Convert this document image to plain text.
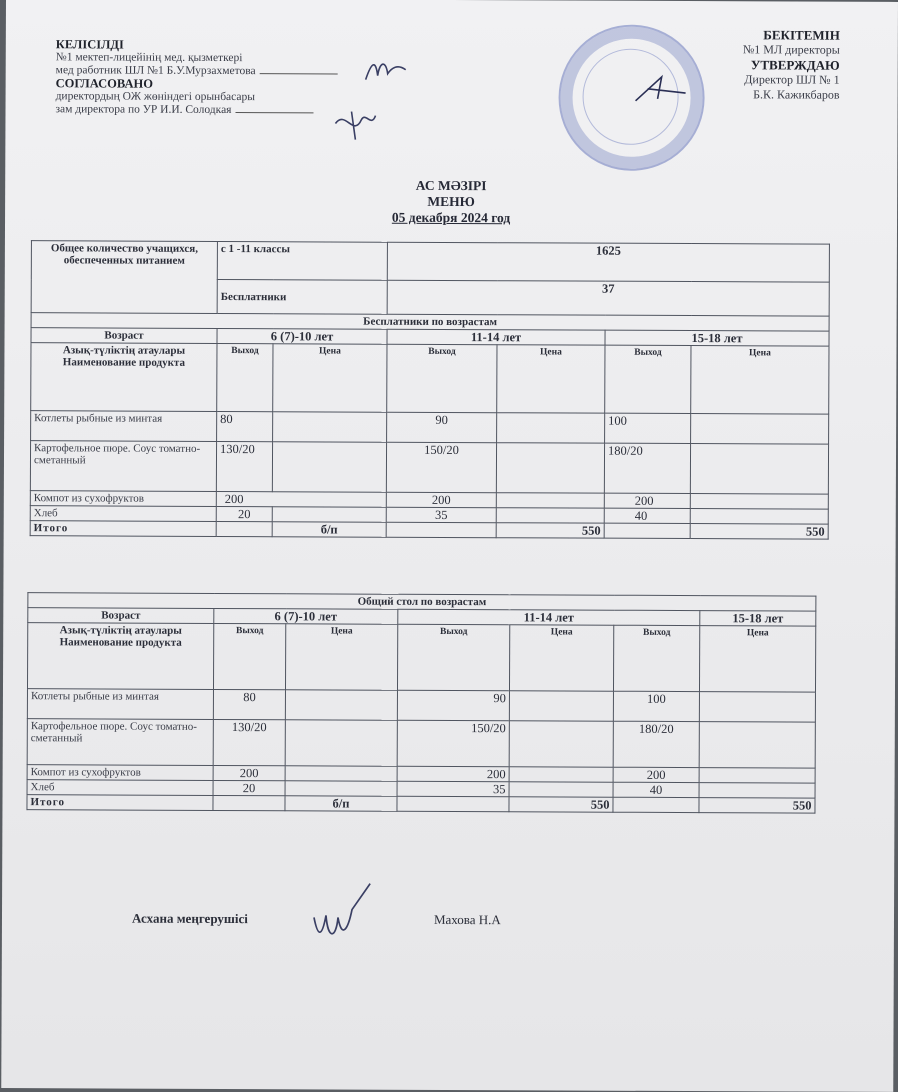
КЕЛІСІЛДІ
№1 мектеп-лицейінің мед. қызметкері
мед работник ШЛ №1 Б.У.Мурзахметова
СОГЛАСОВАНО
директордың ОЖ жөніндегі орынбасары
зам директора по УР И.И. Солодкая
БЕКІТЕМІН
№1 МЛ директоры
УТВЕРЖДАЮ
Директор ШЛ № 1
Б.К. Кажикбаров
АС МӘЗІРІ
МЕНЮ
05 декабря 2024 год
Общее количество учащихся, обеспеченных питанием	с 1 -11 классы		1625			
	Бесплатники		37			
Бесплатники по возрастам						
Возраст	6 (7)-10 лет		11-14 лет		15-18 лет	
Азық-түліктің атаулары Наименование продукта	Выход	Цена	Выход	Цена	Выход	Цена
Котлеты рыбные из минтая	80		90		100	
Картофельное пюре. Соус томатно-сметанный	130/20		150/20		180/20	
Компот из сухофруктов	200		200		200	
Хлеб	20		35		40	
Итого		б/п		550		550
Общий стол по возрастам						
Возраст	6 (7)-10 лет		11-14 лет			15-18 лет
Азық-түліктің атаулары Наименование продукта	Выход	Цена	Выход	Цена	Выход	Цена
Котлеты рыбные из минтая	80		90		100	
Картофельное пюре. Соус томатно-сметанный	130/20		150/20		180/20	
Компот из сухофруктов	200		200		200	
Хлеб	20		35		40	
Итого		б/п		550		550
Асхана меңгерушісі	Махова Н.А
